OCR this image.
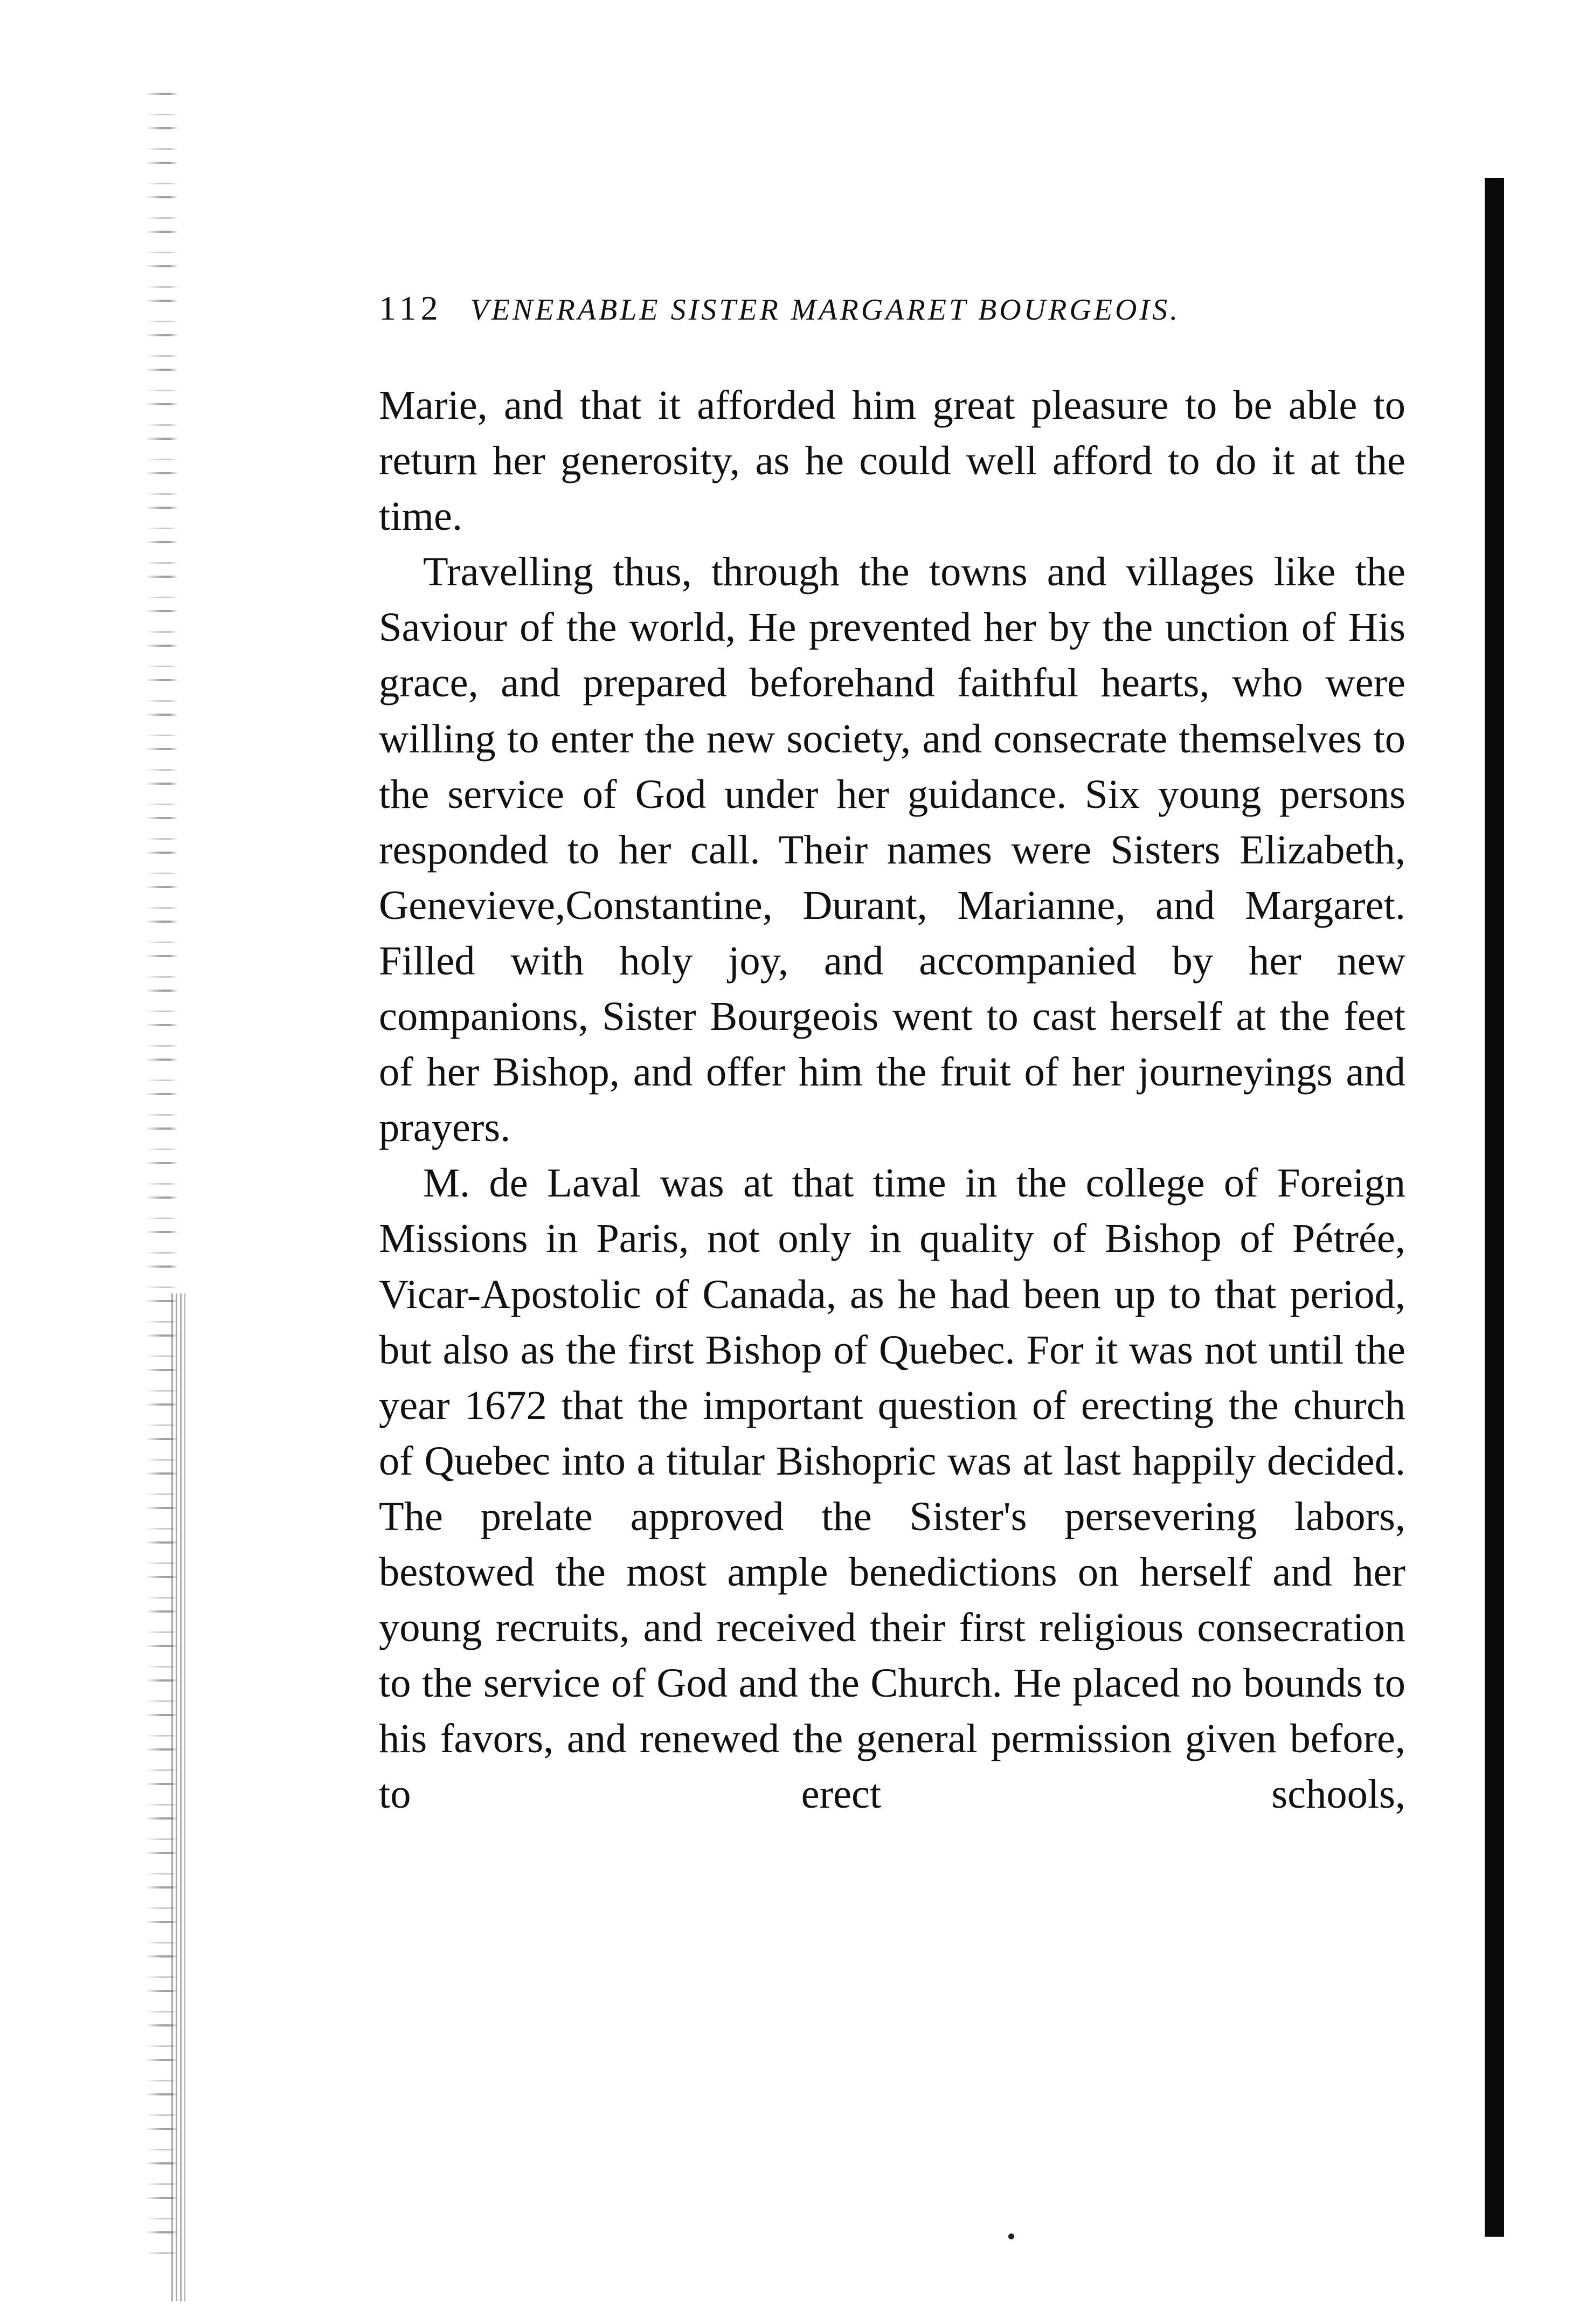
112 VENERABLE SISTER MARGARET BOURGEOIS.

Marie, and that it afforded him great pleasure to be able to return her generosity, as he could well afford to do it at the time.

Travelling thus, through the towns and villages like the Saviour of the world, He prevented her by the unction of His grace, and prepared beforehand faithful hearts, who were willing to enter the new society, and consecrate themselves to the service of God under her guidance. Six young persons responded to her call. Their names were Sisters Elizabeth, Genevieve,Constantine, Durant, Marianne, and Margaret. Filled with holy joy, and accompanied by her new companions, Sister Bourgeois went to cast herself at the feet of her Bishop, and offer him the fruit of her journeyings and prayers.

M. de Laval was at that time in the college of Foreign Missions in Paris, not only in quality of Bishop of Pétrée, Vicar-Apostolic of Canada, as he had been up to that period, but also as the first Bishop of Quebec. For it was not until the year 1672 that the important question of erecting the church of Quebec into a titular Bishopric was at last happily decided. The prelate approved the Sister's persevering labors, bestowed the most ample benedictions on herself and her young recruits, and received their first religious consecration to the service of God and the Church. He placed no bounds to his favors, and renewed the general permission given before, to erect schools,
